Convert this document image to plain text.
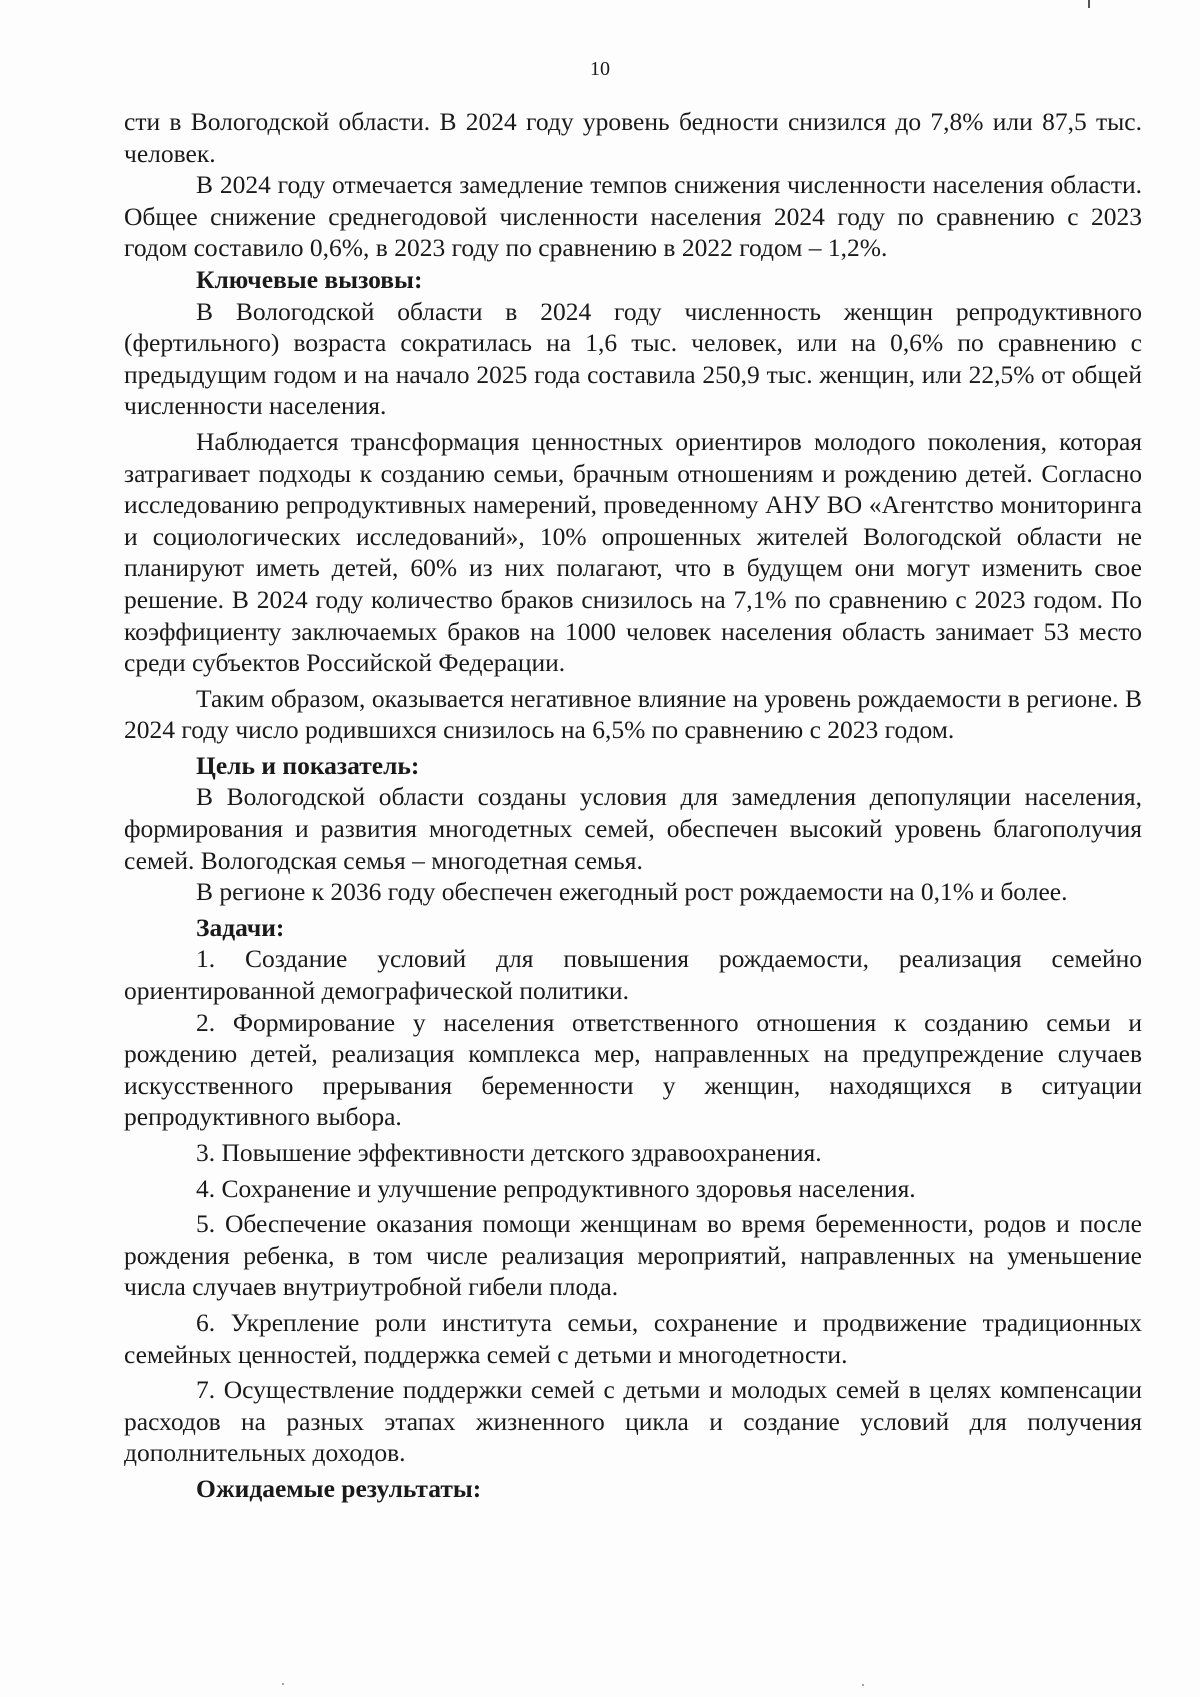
10

сти в Вологодской области. В 2024 году уровень бедности снизился до 7,8% или 87,5 тыс. человек.

В 2024 году отмечается замедление темпов снижения численности населения области. Общее снижение среднегодовой численности населения 2024 году по сравнению с 2023 годом составило 0,6%, в 2023 году по сравнению в 2022 годом – 1,2%.

Ключевые вызовы:

В Вологодской области в 2024 году численность женщин репродуктивного (фертильного) возраста сократилась на 1,6 тыс. человек, или на 0,6% по сравнению с предыдущим годом и на начало 2025 года составила 250,9 тыс. женщин, или 22,5% от общей численности населения.

Наблюдается трансформация ценностных ориентиров молодого поколения, которая затрагивает подходы к созданию семьи, брачным отношениям и рождению детей. Согласно исследованию репродуктивных намерений, проведенному АНУ ВО «Агентство мониторинга и социологических исследований», 10% опрошенных жителей Вологодской области не планируют иметь детей, 60% из них полагают, что в будущем они могут изменить свое решение. В 2024 году количество браков снизилось на 7,1% по сравнению с 2023 годом. По коэффициенту заключаемых браков на 1000 человек населения область занимает 53 место среди субъектов Российской Федерации.

Таким образом, оказывается негативное влияние на уровень рождаемости в регионе. В 2024 году число родившихся снизилось на 6,5% по сравнению с 2023 годом.

Цель и показатель:

В Вологодской области созданы условия для замедления депопуляции населения, формирования и развития многодетных семей, обеспечен высокий уровень благополучия семей. Вологодская семья – многодетная семья.

В регионе к 2036 году обеспечен ежегодный рост рождаемости на 0,1% и более.

Задачи:

1. Создание условий для повышения рождаемости, реализация семейно ориентированной демографической политики.

2. Формирование у населения ответственного отношения к созданию семьи и рождению детей, реализация комплекса мер, направленных на предупреждение случаев искусственного прерывания беременности у женщин, находящихся в ситуации репродуктивного выбора.

3. Повышение эффективности детского здравоохранения.

4. Сохранение и улучшение репродуктивного здоровья населения.

5. Обеспечение оказания помощи женщинам во время беременности, родов и после рождения ребенка, в том числе реализация мероприятий, направленных на уменьшение числа случаев внутриутробной гибели плода.

6. Укрепление роли института семьи, сохранение и продвижение традиционных семейных ценностей, поддержка семей с детьми и многодетности.

7. Осуществление поддержки семей с детьми и молодых семей в целях компенсации расходов на разных этапах жизненного цикла и создание условий для получения дополнительных доходов.

Ожидаемые результаты:
